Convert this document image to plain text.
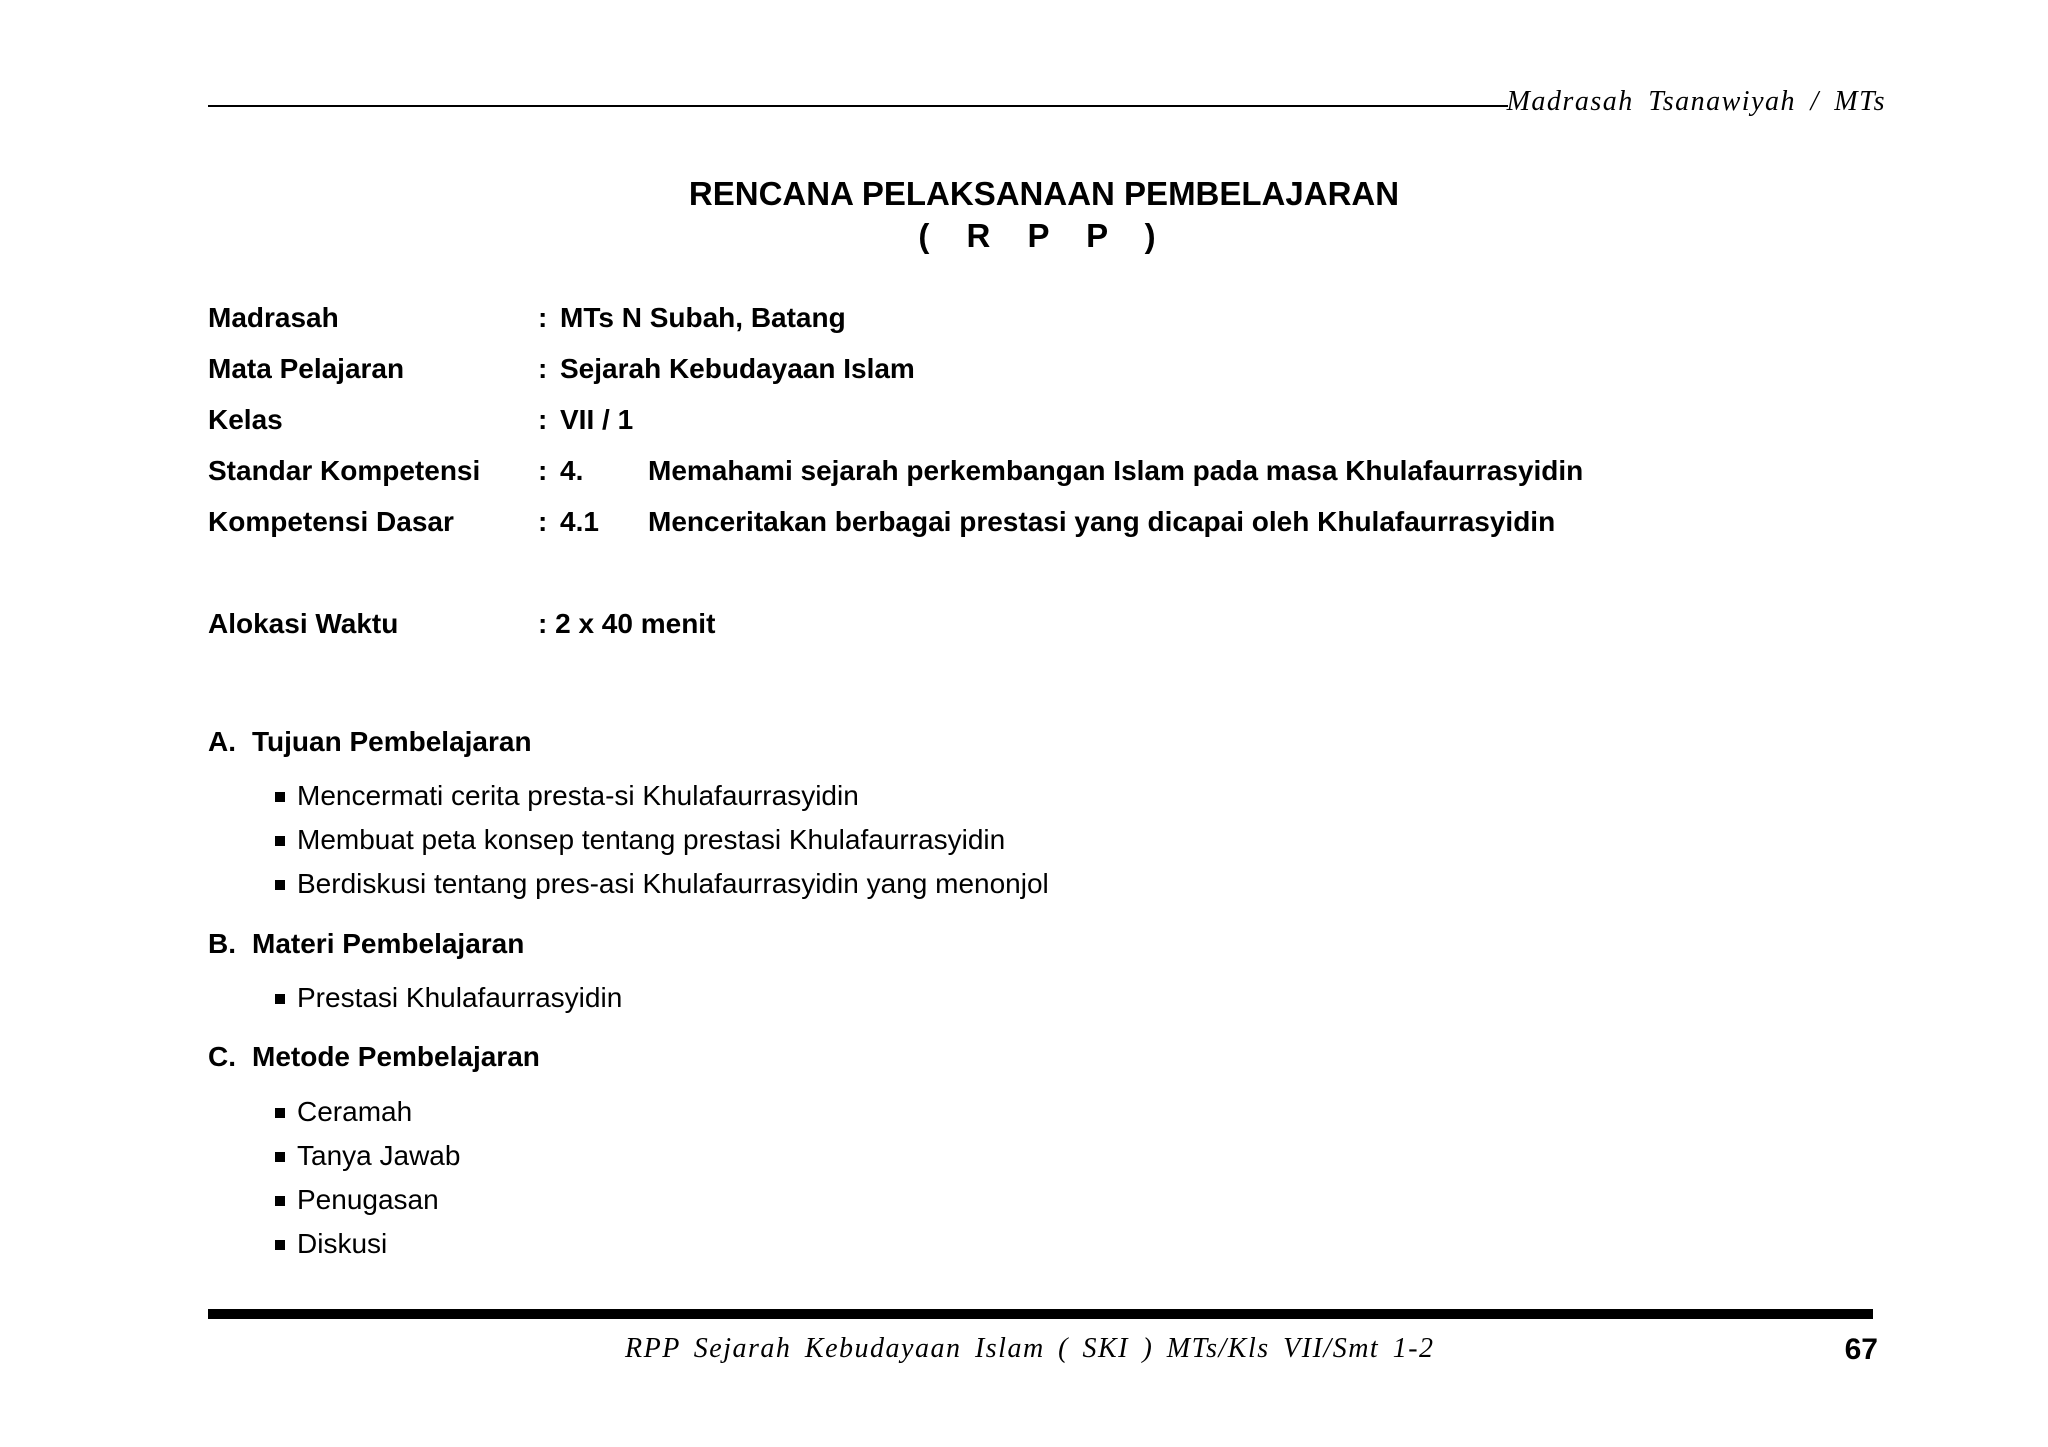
Madrasah Tsanawiyah / MTs
RENCANA PELAKSANAAN PEMBELAJARAN
( R P P )
Madrasah	: MTs N Subah, Batang
Mata Pelajaran	: Sejarah Kebudayaan Islam
Kelas	: VII / 1
Standar Kompetensi : 4. Memahami sejarah perkembangan Islam pada masa Khulafaurrasyidin
Kompetensi Dasar	: 4.1 Menceritakan berbagai prestasi yang dicapai oleh Khulafaurrasyidin
Alokasi Waktu	: 2 x 40 menit
A. Tujuan Pembelajaran
Mencermati cerita presta-si Khulafaurrasyidin
Membuat peta konsep tentang prestasi Khulafaurrasyidin
Berdiskusi tentang pres-asi Khulafaurrasyidin yang menonjol
B. Materi Pembelajaran
Prestasi Khulafaurrasyidin
C. Metode Pembelajaran
Ceramah
Tanya Jawab
Penugasan
Diskusi
RPP Sejarah Kebudayaan Islam ( SKI ) MTs/Kls VII/Smt 1-2	67
